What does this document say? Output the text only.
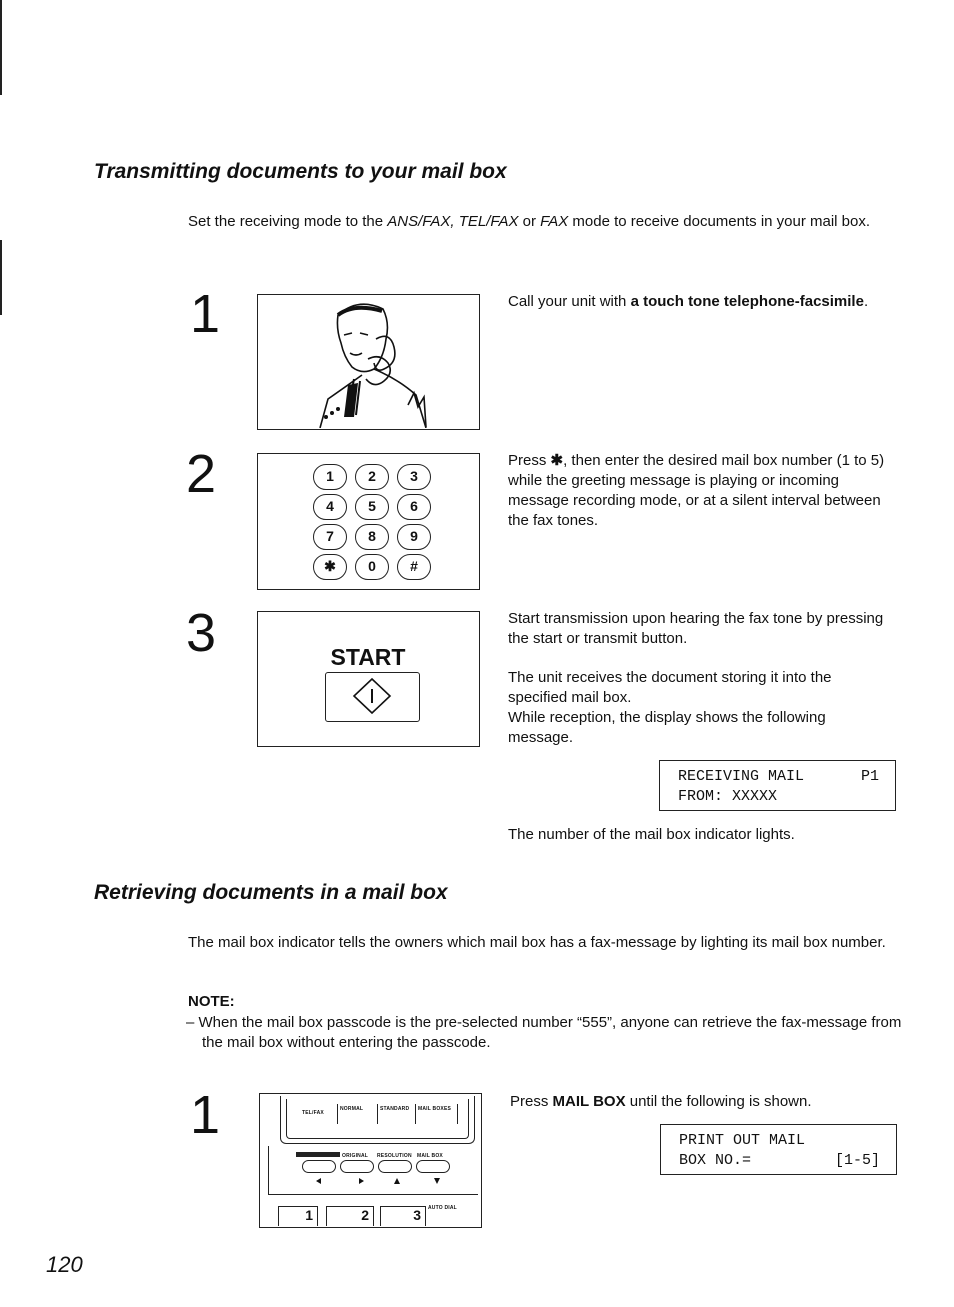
Transmitting documents to your mail box
Set the receiving mode to the ANS/FAX, TEL/FAX or FAX mode to receive documents in your mail box.
1	Call your unit with a touch tone telephone-facsimile.
2	1	2	3
4	5	6
7	8	9
✱	0	#
Press ✱, then enter the desired mail box number (1 to 5) while the greeting message is playing or incoming message recording mode, or at a silent interval between the fax tones.
3	START
Start transmission upon hearing the fax tone by pressing the start or transmit button.
The unit receives the document storing it into the specified mail box.
While reception, the display shows the following message.
RECEIVING MAIL	P1
FROM: XXXXX
The number of the mail box indicator lights.
Retrieving documents in a mail box
The mail box indicator tells the owners which mail box has a fax-message by lighting its mail box number.
NOTE:
– When the mail box passcode is the pre-selected number “555”, anyone can retrieve the fax-message from the mail box without entering the passcode.
1	TEL/FAX
NORMAL	STANDARD MAIL BOXES
ORIGINAL RESOLUTION MAIL BOX
1	2	3	AUTO DIAL
Press MAIL BOX until the following is shown.
PRINT OUT MAIL
BOX NO.=	[1-5]
120
